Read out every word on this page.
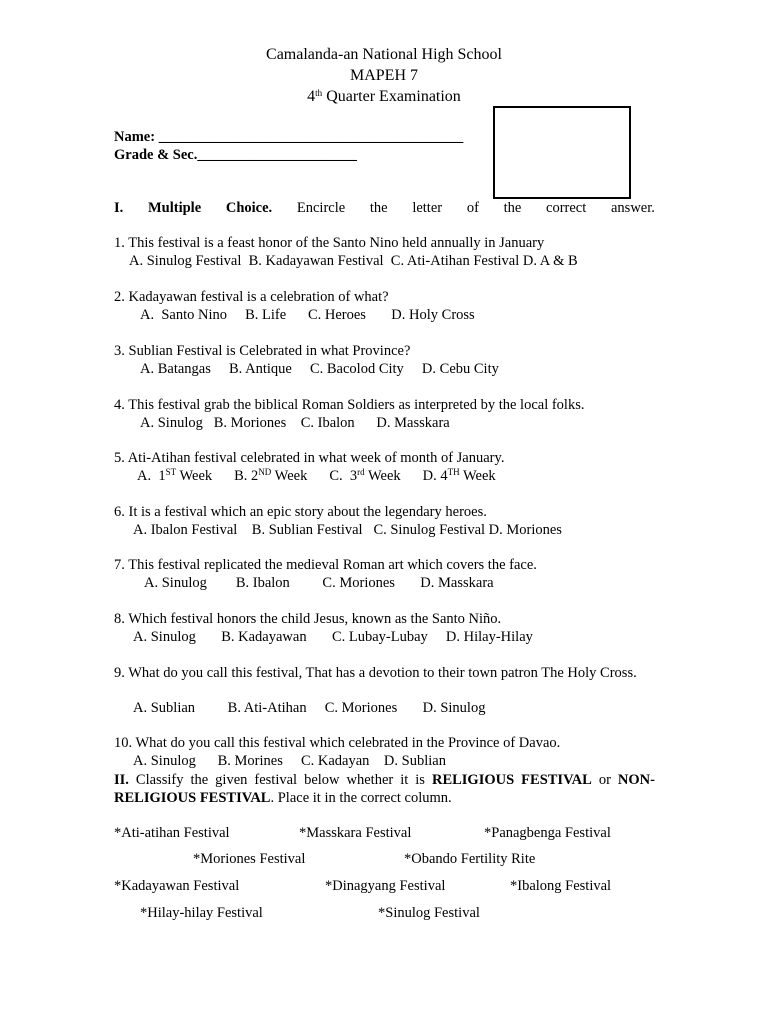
Camalanda-an National High School
MAPEH 7
4th Quarter Examination
Name: __________________________________________
Grade & Sec.______________________
I. Multiple Choice. Encircle the letter of the correct answer.
1. This festival is a feast honor of the Santo Nino held annually in January
A. Sinulog Festival  B. Kadayawan Festival  C. Ati-Atihan Festival D. A & B
2. Kadayawan festival is a celebration of what?
A.  Santo Nino     B. Life      C. Heroes       D. Holy Cross
3. Sublian Festival is Celebrated in what Province?
A. Batangas     B. Antique     C. Bacolod City     D. Cebu City
4. This festival grab the biblical Roman Soldiers as interpreted by the local folks.
A. Sinulog   B. Moriones    C. Ibalon      D. Masskara
5. Ati-Atihan festival celebrated in what week of month of January.
A.  1ST Week B. 2ND Week C.  3rd Week D. 4TH Week
6. It is a festival which an epic story about the legendary heroes.
A. Ibalon Festival    B. Sublian Festival   C. Sinulog Festival D. Moriones
7. This festival replicated the medieval Roman art which covers the face.
A. Sinulog        B. Ibalon         C. Moriones       D. Masskara
8. Which festival honors the child Jesus, known as the Santo Niño.
A. Sinulog       B. Kadayawan       C. Lubay-Lubay     D. Hilay-Hilay
9. What do you call this festival, That has a devotion to their town patron The Holy Cross.
A. Sublian         B. Ati-Atihan     C. Moriones       D. Sinulog
10. What do you call this festival which celebrated in the Province of Davao.
A. Sinulog      B. Morines     C. Kadayan    D. Sublian
II. Classify the given festival below whether it is RELIGIOUS FESTIVAL or NON-RELIGIOUS FESTIVAL. Place it in the correct column.
*Ati-atihan Festival	*Masskara Festival	*Panagbenga Festival
*Moriones Festival	*Obando Fertility Rite
*Kadayawan Festival	*Dinagyang Festival	*Ibalong Festival
*Hilay-hilay Festival	*Sinulog Festival
